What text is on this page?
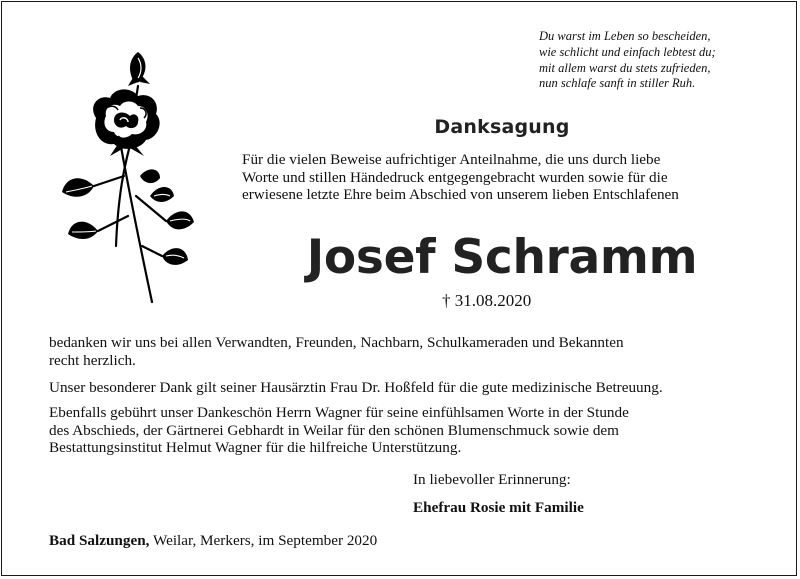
Du warst im Leben so bescheiden,
wie schlicht und einfach lebtest du;
mit allem warst du stets zufrieden,
nun schlafe sanft in stiller Ruh.
Danksagung
Für die vielen Beweise aufrichtiger Anteilnahme, die uns durch liebe
Worte und stillen Händedruck entgegengebracht wurden sowie für die
erwiesene letzte Ehre beim Abschied von unserem lieben Entschlafenen
Josef Schramm
† 31.08.2020
bedanken wir uns bei allen Verwandten, Freunden, Nachbarn, Schulkameraden und Bekannten
recht herzlich.
Unser besonderer Dank gilt seiner Hausärztin Frau Dr. Hoßfeld für die gute medizinische Betreuung.
Ebenfalls gebührt unser Dankeschön Herrn Wagner für seine einfühlsamen Worte in der Stunde
des Abschieds, der Gärtnerei Gebhardt in Weilar für den schönen Blumenschmuck sowie dem
Bestattungsinstitut Helmut Wagner für die hilfreiche Unterstützung.
In liebevoller Erinnerung:
Ehefrau Rosie mit Familie
Bad Salzungen, Weilar, Merkers, im September 2020
